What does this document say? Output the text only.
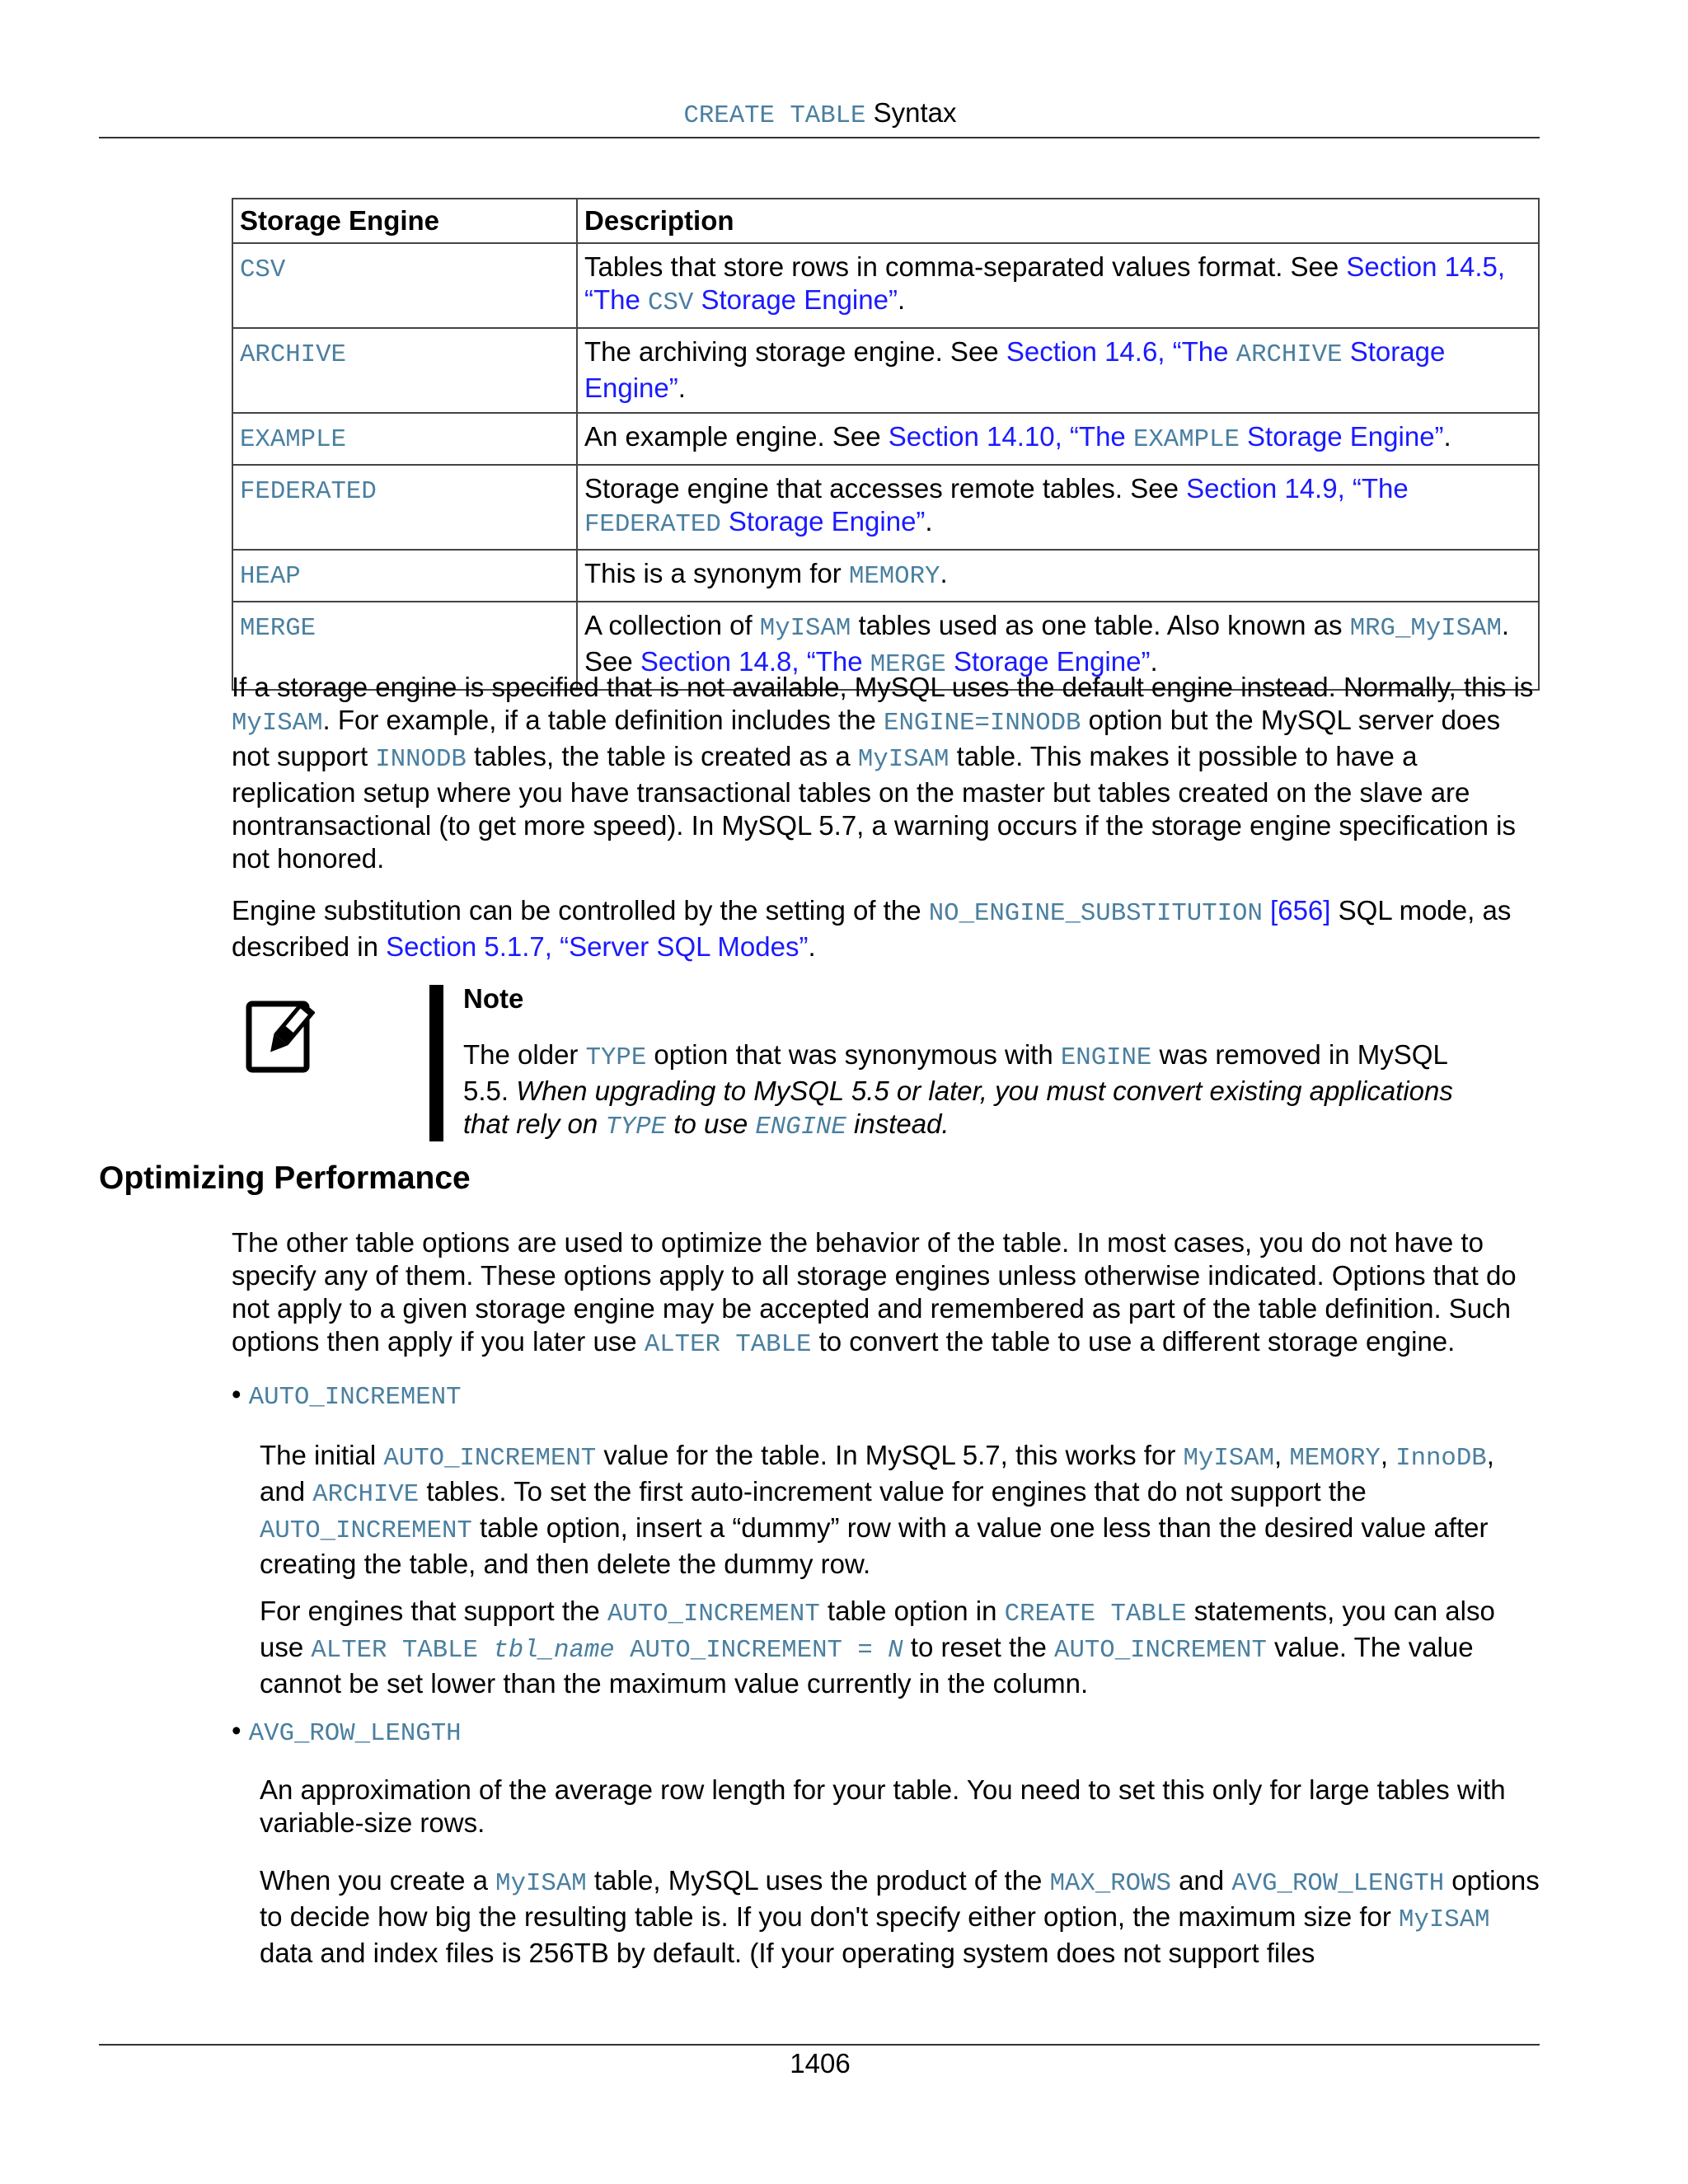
CREATE TABLE Syntax
Storage Engine	Description
CSV	Tables that store rows in comma-separated values format. See Section 14.5, “The CSV Storage Engine”.
ARCHIVE	The archiving storage engine. See Section 14.6, “The ARCHIVE Storage Engine”.
EXAMPLE	An example engine. See Section 14.10, “The EXAMPLE Storage Engine”.
FEDERATED	Storage engine that accesses remote tables. See Section 14.9, “The FEDERATED Storage Engine”.
HEAP	This is a synonym for MEMORY.
MERGE	A collection of MyISAM tables used as one table. Also known as MRG_MyISAM. See Section 14.8, “The MERGE Storage Engine”.

If a storage engine is specified that is not available, MySQL uses the default engine instead. Normally, this is MyISAM. For example, if a table definition includes the ENGINE=INNODB option but the MySQL server does not support INNODB tables, the table is created as a MyISAM table. This makes it possible to have a replication setup where you have transactional tables on the master but tables created on the slave are nontransactional (to get more speed). In MySQL 5.7, a warning occurs if the storage engine specification is not honored.

Engine substitution can be controlled by the setting of the NO_ENGINE_SUBSTITUTION [656] SQL mode, as described in Section 5.1.7, “Server SQL Modes”.

Note

The older TYPE option that was synonymous with ENGINE was removed in MySQL 5.5. When upgrading to MySQL 5.5 or later, you must convert existing applications that rely on TYPE to use ENGINE instead.

Optimizing Performance

The other table options are used to optimize the behavior of the table. In most cases, you do not have to specify any of them. These options apply to all storage engines unless otherwise indicated. Options that do not apply to a given storage engine may be accepted and remembered as part of the table definition. Such options then apply if you later use ALTER TABLE to convert the table to use a different storage engine.

• AUTO_INCREMENT

The initial AUTO_INCREMENT value for the table. In MySQL 5.7, this works for MyISAM, MEMORY, InnoDB, and ARCHIVE tables. To set the first auto-increment value for engines that do not support the AUTO_INCREMENT table option, insert a “dummy” row with a value one less than the desired value after creating the table, and then delete the dummy row.

For engines that support the AUTO_INCREMENT table option in CREATE TABLE statements, you can also use ALTER TABLE tbl_name AUTO_INCREMENT = N to reset the AUTO_INCREMENT value. The value cannot be set lower than the maximum value currently in the column.

• AVG_ROW_LENGTH

An approximation of the average row length for your table. You need to set this only for large tables with variable-size rows.

When you create a MyISAM table, MySQL uses the product of the MAX_ROWS and AVG_ROW_LENGTH options to decide how big the resulting table is. If you don't specify either option, the maximum size for MyISAM data and index files is 256TB by default. (If your operating system does not support files

1406
